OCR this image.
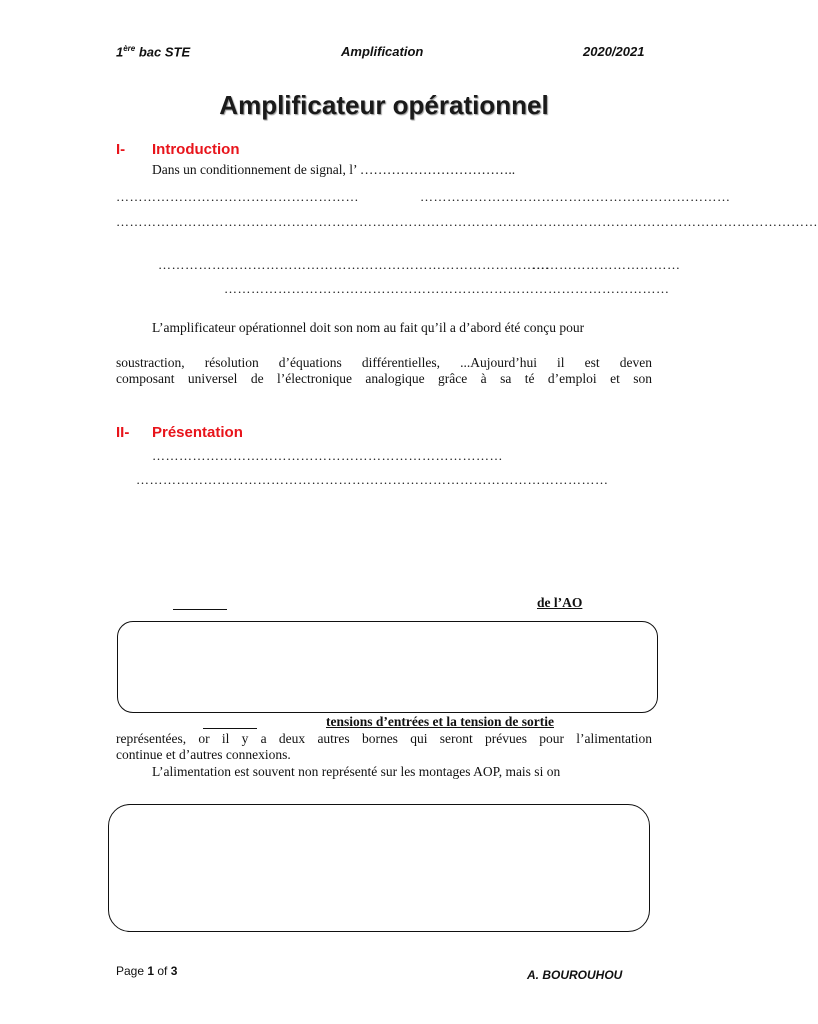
1ère bac STE	Amplification	2020/2021
Amplificateur opérationnel
I- Introduction
Dans un conditionnement de signal, l’ ……………………………..
………………………………………………	……………………………………………………………
…………………………………………………………………………………………………………………………………………
……………………………………………………………………………
……………………………
………………………………………………………………………………………
L’amplificateur opérationnel doit son nom au fait qu’il a d’abord été conçu pour
soustraction, résolution d’équations différentielles, ...Aujourd’hui il est deven
composant universel de l’électronique analogique grâce à sa té d’emploi et son
II- Présentation
……………………………………………………………………
……………………………………………………………………………………………
de l’AO
tensions d’entrées et la tension de sortie
représentées, or il y a deux autres bornes qui seront prévues pour l’alimentation
continue et d’autres connexions.
L’alimentation est souvent non représenté sur les montages AOP, mais si on
Page 1 of 3	A. BOUROUHOU
